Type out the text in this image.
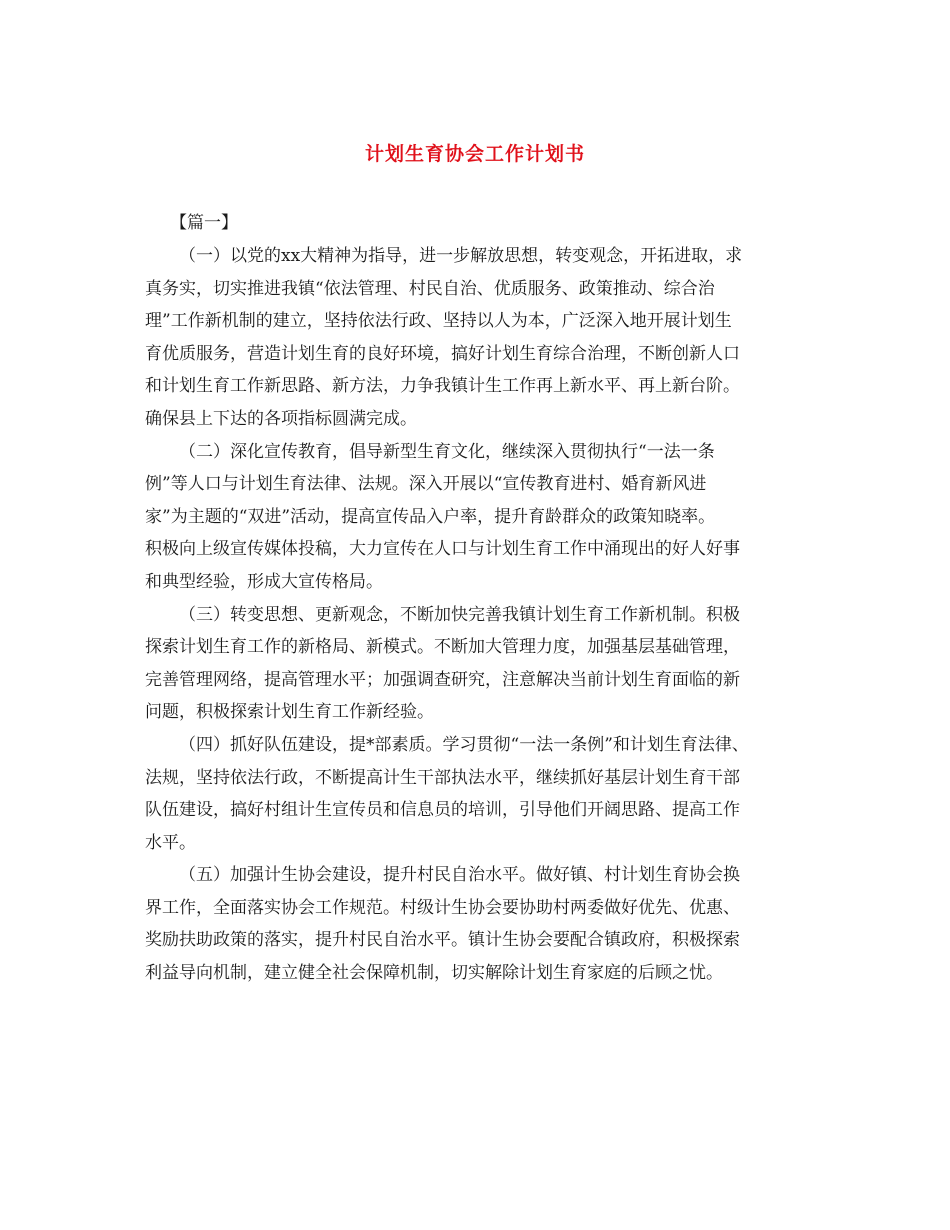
计划生育协会工作计划书

【篇一】

（一）以党的xx大精神为指导，进一步解放思想，转变观念，开拓进取，求
真务实，切实推进我镇“依法管理、村民自治、优质服务、政策推动、综合治
理”工作新机制的建立，坚持依法行政、坚持以人为本，广泛深入地开展计划生
育优质服务，营造计划生育的良好环境，搞好计划生育综合治理，不断创新人口
和计划生育工作新思路、新方法，力争我镇计生工作再上新水平、再上新台阶。
确保县上下达的各项指标圆满完成。
（二）深化宣传教育，倡导新型生育文化，继续深入贯彻执行“一法一条
例”等人口与计划生育法律、法规。深入开展以“宣传教育进村、婚育新风进
家”为主题的“双进”活动，提高宣传品入户率，提升育龄群众的政策知晓率。
积极向上级宣传媒体投稿，大力宣传在人口与计划生育工作中涌现出的好人好事
和典型经验，形成大宣传格局。
（三）转变思想、更新观念，不断加快完善我镇计划生育工作新机制。积极
探索计划生育工作的新格局、新模式。不断加大管理力度，加强基层基础管理，
完善管理网络，提高管理水平；加强调查研究，注意解决当前计划生育面临的新
问题，积极探索计划生育工作新经验。
（四）抓好队伍建设，提*部素质。学习贯彻“一法一条例”和计划生育法律、
法规，坚持依法行政，不断提高计生干部执法水平，继续抓好基层计划生育干部
队伍建设，搞好村组计生宣传员和信息员的培训，引导他们开阔思路、提高工作
水平。
（五）加强计生协会建设，提升村民自治水平。做好镇、村计划生育协会换
界工作，全面落实协会工作规范。村级计生协会要协助村两委做好优先、优惠、
奖励扶助政策的落实，提升村民自治水平。镇计生协会要配合镇政府，积极探索
利益导向机制，建立健全社会保障机制，切实解除计划生育家庭的后顾之忧。
